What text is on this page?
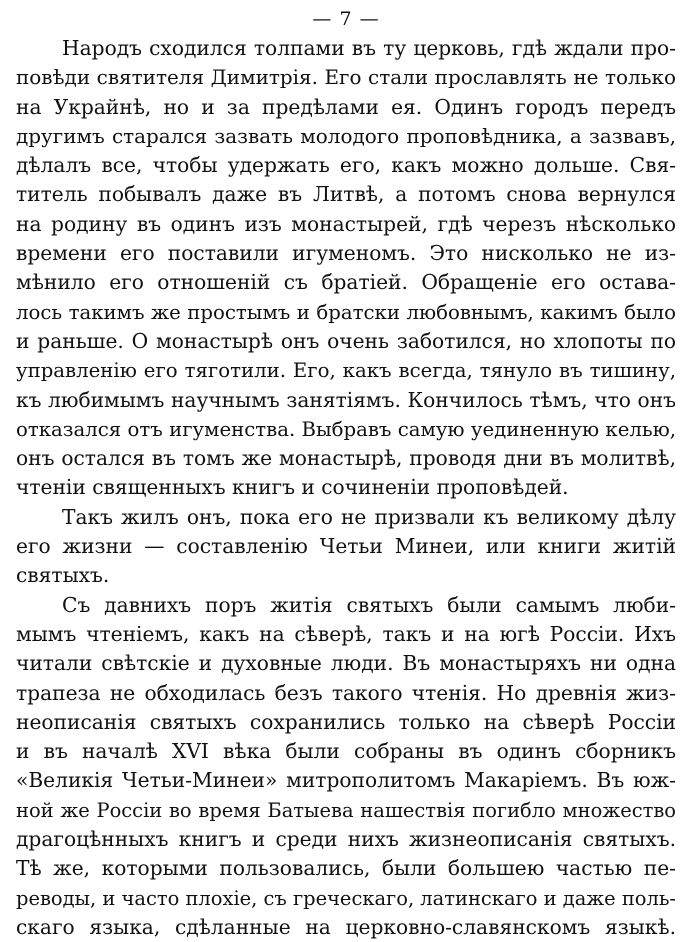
— 7 —
Народъ сходился толпами въ ту церковь, гдѣ ждали про-
повѣди святителя Димитрія. Его стали прославлять не только
на Украйнѣ, но и за предѣлами ея. Одинъ городъ передъ
другимъ старался зазвать молодого проповѣдника, а зазвавъ,
дѣлалъ все, чтобы удержать его, какъ можно дольше. Свя-
титель побывалъ даже въ Литвѣ, а потомъ снова вернулся
на родину въ одинъ изъ монастырей, гдѣ черезъ нѣсколько
времени его поставили игуменомъ. Это нисколько не из-
мѣнило его отношеній съ братіей. Обращеніе его остава-
лось такимъ же простымъ и братски любовнымъ, какимъ было
и раньше. О монастырѣ онъ очень заботился, но хлопоты по
управленію его тяготили. Его, какъ всегда, тянуло въ тишину,
къ любимымъ научнымъ занятіямъ. Кончилось тѣмъ, что онъ
отказался отъ игуменства. Выбравъ самую уединенную келью,
онъ остался въ томъ же монастырѣ, проводя дни въ молитвѣ,
чтеніи священныхъ книгъ и сочиненіи проповѣдей.
Такъ жилъ онъ, пока его не призвали къ великому дѣлу
его жизни — составленію Четьи Минеи, или книги житій
святыхъ.
Съ давнихъ поръ житія святыхъ были самымъ люби-
мымъ чтеніемъ, какъ на сѣверѣ, такъ и на югѣ Россіи. Ихъ
читали свѣтскіе и духовные люди. Въ монастыряхъ ни одна
трапеза не обходилась безъ такого чтенія. Но древнія жиз-
неописанія святыхъ сохранились только на сѣверѣ Россіи
и въ началѣ XVI вѣка были собраны въ одинъ сборникъ
«Великія Четьи-Минеи» митрополитомъ Макаріемъ. Въ юж-
ной же Россіи во время Батыева нашествія погибло множество
драгоцѣнныхъ книгъ и среди нихъ жизнеописанія святыхъ.
Тѣ же, которыми пользовались, были большею частью пе-
реводы, и часто плохіе, съ греческаго, латинскаго и даже поль-
скаго языка, сдѣланные на церковно-славянскомъ языкѣ.
